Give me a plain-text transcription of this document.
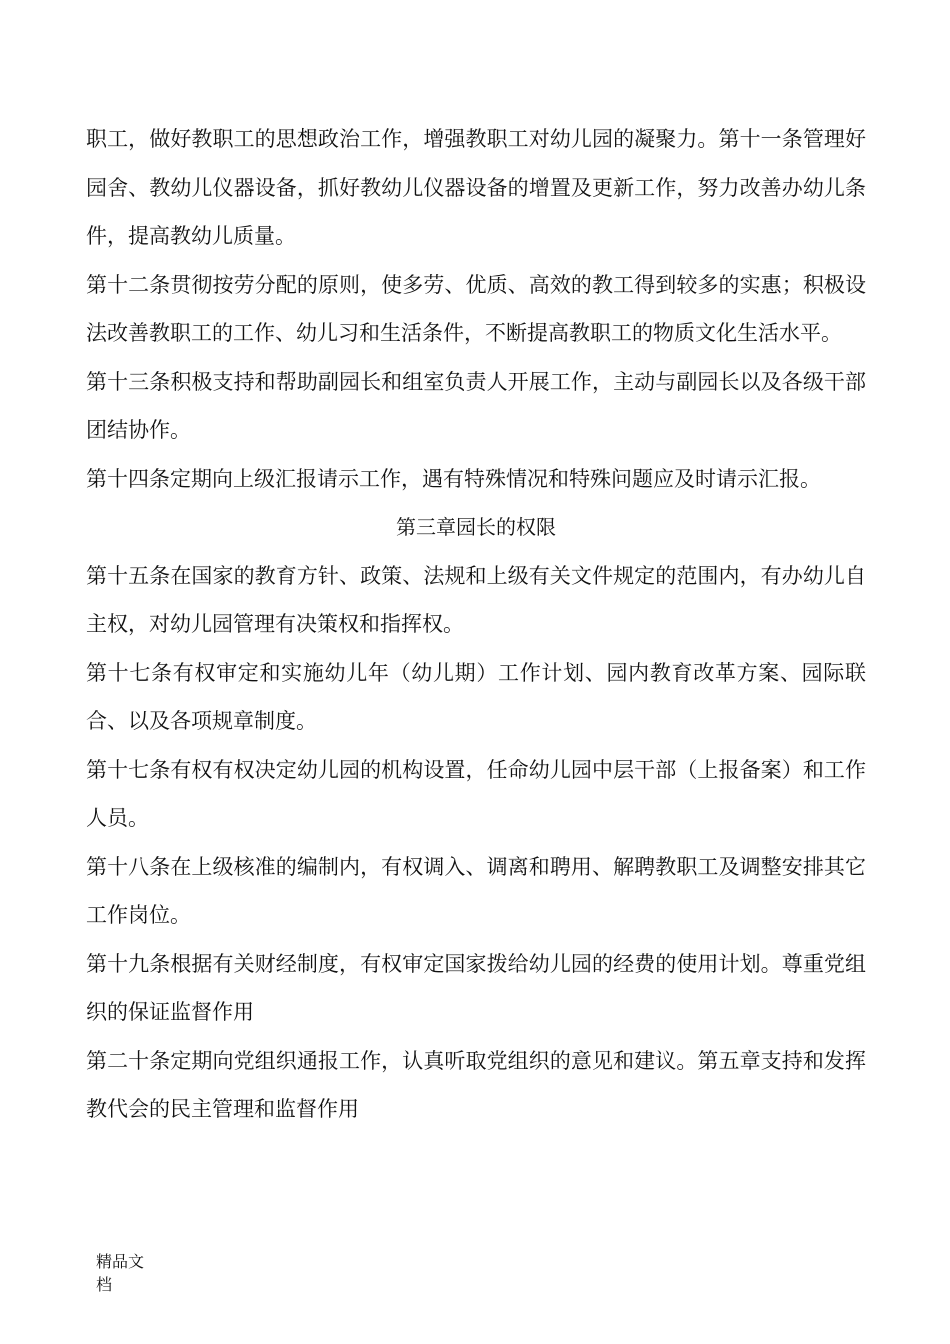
职工，做好教职工的思想政治工作，增强教职工对幼儿园的凝聚力。第十一条管理好园舍、教幼儿仪器设备，抓好教幼儿仪器设备的增置及更新工作，努力改善办幼儿条件，提高教幼儿质量。

第十二条贯彻按劳分配的原则，使多劳、优质、高效的教工得到较多的实惠；积极设法改善教职工的工作、幼儿习和生活条件，不断提高教职工的物质文化生活水平。

第十三条积极支持和帮助副园长和组室负责人开展工作，主动与副园长以及各级干部团结协作。

第十四条定期向上级汇报请示工作，遇有特殊情况和特殊问题应及时请示汇报。

第三章园长的权限

第十五条在国家的教育方针、政策、法规和上级有关文件规定的范围内，有办幼儿自主权，对幼儿园管理有决策权和指挥权。

第十七条有权审定和实施幼儿年（幼儿期）工作计划、园内教育改革方案、园际联合、以及各项规章制度。

第十七条有权有权决定幼儿园的机构设置，任命幼儿园中层干部（上报备案）和工作人员。

第十八条在上级核准的编制内，有权调入、调离和聘用、解聘教职工及调整安排其它工作岗位。

第十九条根据有关财经制度，有权审定国家拨给幼儿园的经费的使用计划。尊重党组织的保证监督作用

第二十条定期向党组织通报工作，认真听取党组织的意见和建议。第五章支持和发挥教代会的民主管理和监督作用

精品文
档
